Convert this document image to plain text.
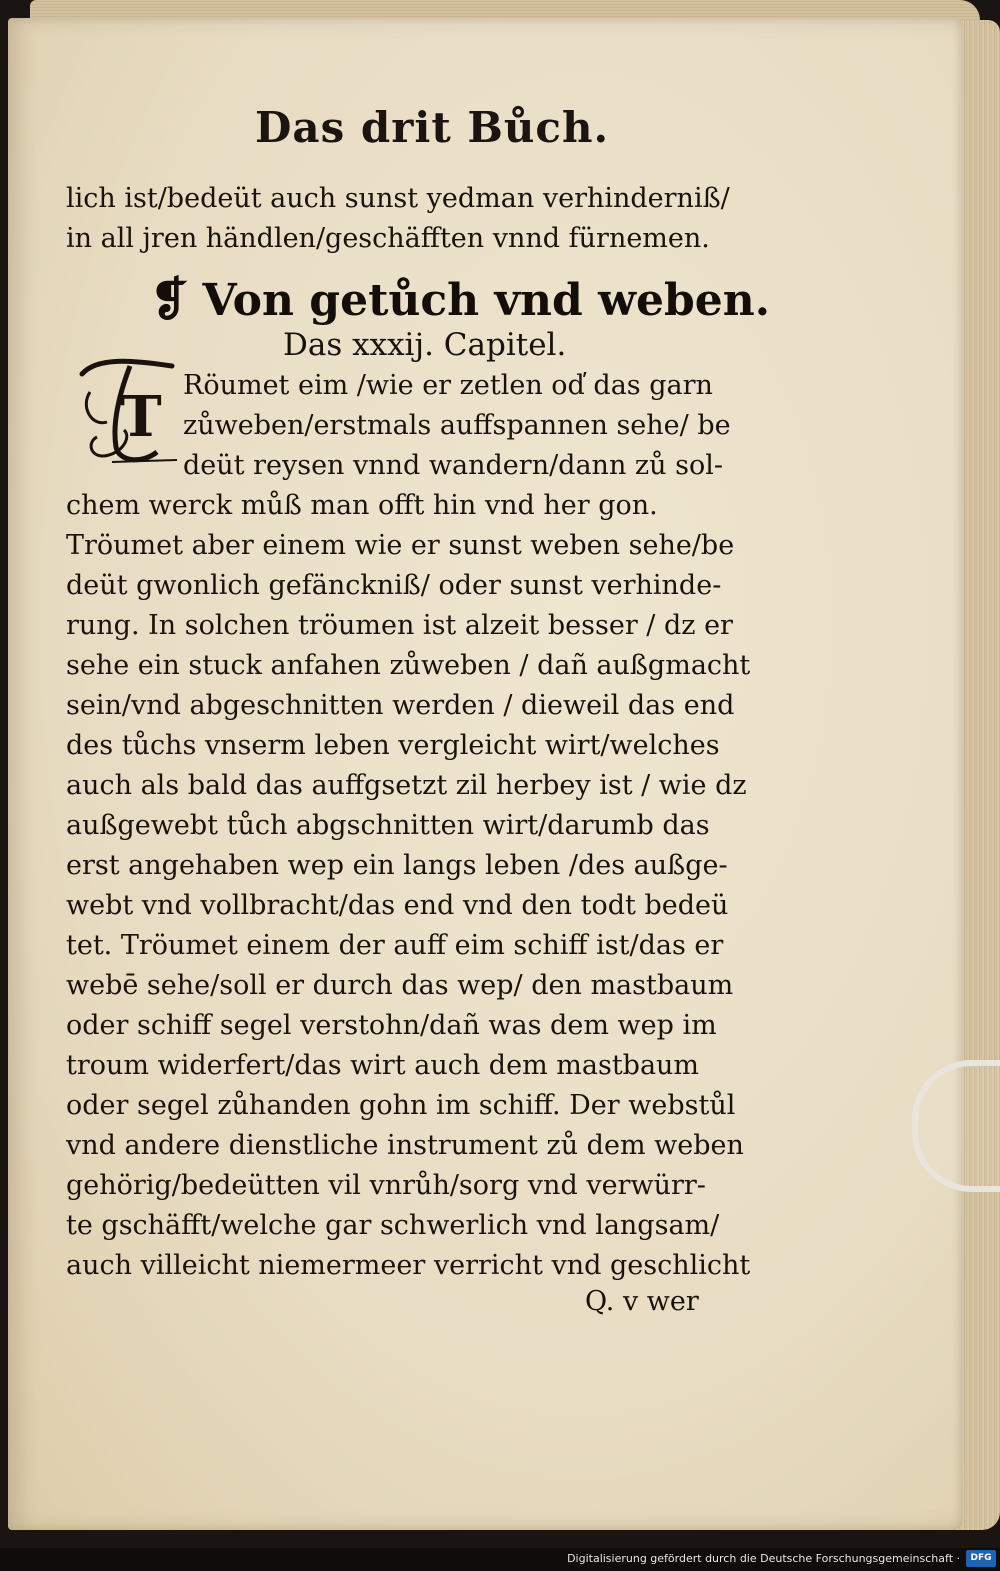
Das drit Bůch.
lich ist/bedeüt auch sunst yedman verhinderniß/
in all jren händlen/geschäfften vnnd fürnemen.
❡ Von getůch vnd weben.
Das xxxij. Capitel.
T Röumet eim /wie er zetlen od̕ das garn
zůweben/erstmals auffspannen sehe/ be
deüt reysen vnnd wandern/dann zů sol-
chem werck můß man offt hin vnd her gon.
Tröumet aber einem wie er sunst weben sehe/be
deüt gwonlich gefänckniß/ oder sunst verhinde-
rung. In solchen tröumen ist alzeit besser / dz er
sehe ein stuck anfahen zůweben / dañ außgmacht
sein/vnd abgeschnitten werden / dieweil das end
des tůchs vnserm leben vergleicht wirt/welches
auch als bald das auffgsetzt zil herbey ist / wie dz
außgewebt tůch abgschnitten wirt/darumb das
erst angehaben wep ein langs leben /des außge-
webt vnd vollbracht/das end vnd den todt bedeü
tet. Tröumet einem der auff eim schiff ist/das er
webē sehe/soll er durch das wep/ den mastbaum
oder schiff segel verstohn/dañ was dem wep im
troum widerfert/das wirt auch dem mastbaum
oder segel zůhanden gohn im schiff. Der webstůl
vnd andere dienstliche instrument zů dem weben
gehörig/bedeütten vil vnrůh/sorg vnd verwürr-
te gschäfft/welche gar schwerlich vnd langsam/
auch villeicht niemermeer verricht vnd geschlicht
Q. v wer
Digitalisierung gefördert durch die Deutsche Forschungsgemeinschaft ·	DFG
